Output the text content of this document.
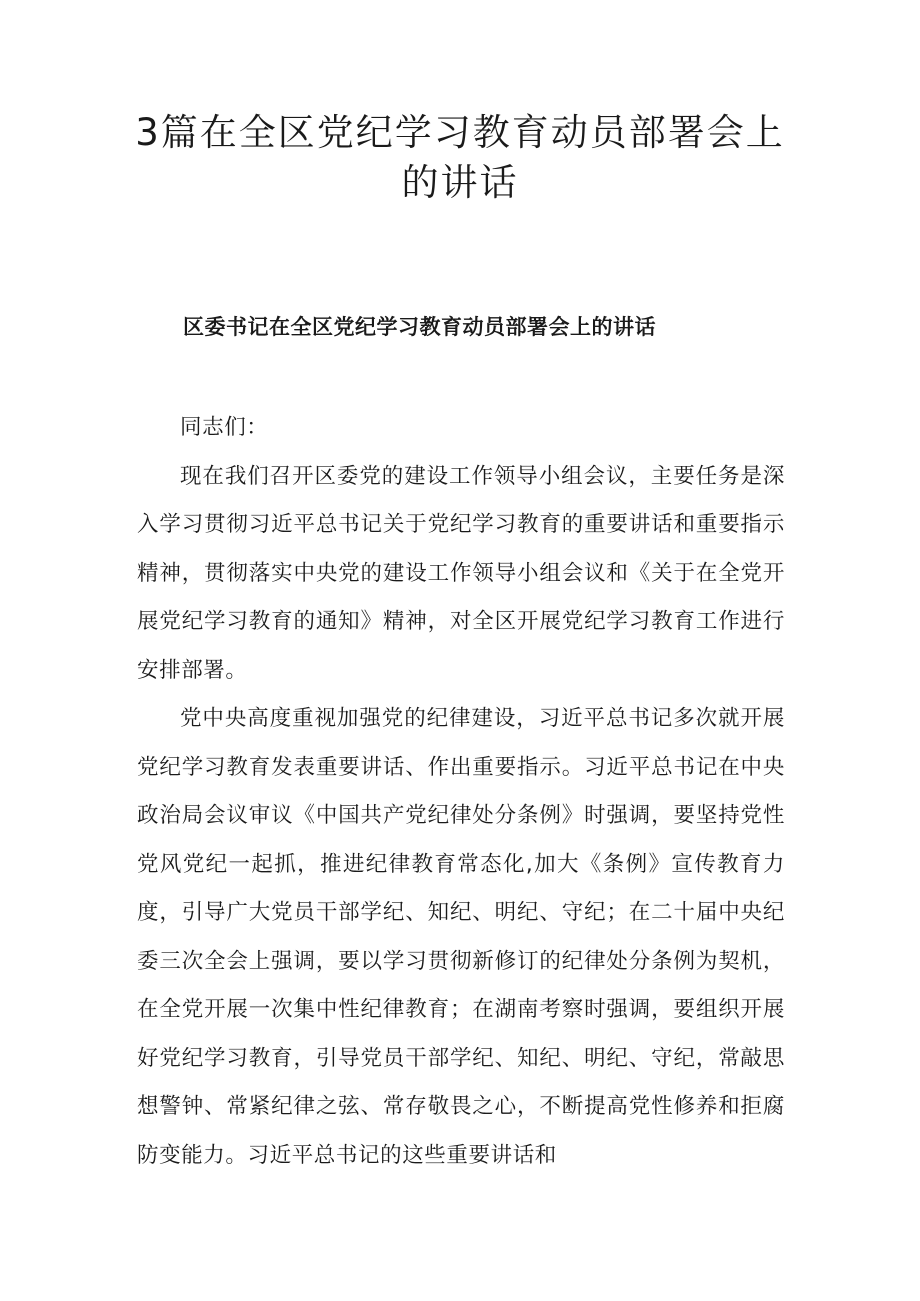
3篇在全区党纪学习教育动员部署会上的讲话
区委书记在全区党纪学习教育动员部署会上的讲话

同志们：

现在我们召开区委党的建设工作领导小组会议，主要任务是深入学习贯彻习近平总书记关于党纪学习教育的重要讲话和重要指示精神，贯彻落实中央党的建设工作领导小组会议和《关于在全党开展党纪学习教育的通知》精神，对全区开展党纪学习教育工作进行安排部署。

党中央高度重视加强党的纪律建设，习近平总书记多次就开展党纪学习教育发表重要讲话、作出重要指示。习近平总书记在中央政治局会议审议《中国共产党纪律处分条例》时强调，要坚持党性党风党纪一起抓，推进纪律教育常态化,加大《条例》宣传教育力度，引导广大党员干部学纪、知纪、明纪、守纪；在二十届中央纪委三次全会上强调，要以学习贯彻新修订的纪律处分条例为契机，在全党开展一次集中性纪律教育；在湖南考察时强调，要组织开展好党纪学习教育，引导党员干部学纪、知纪、明纪、守纪，常敲思想警钟、常紧纪律之弦、常存敬畏之心，不断提高党性修养和拒腐防变能力。习近平总书记的这些重要讲话和
